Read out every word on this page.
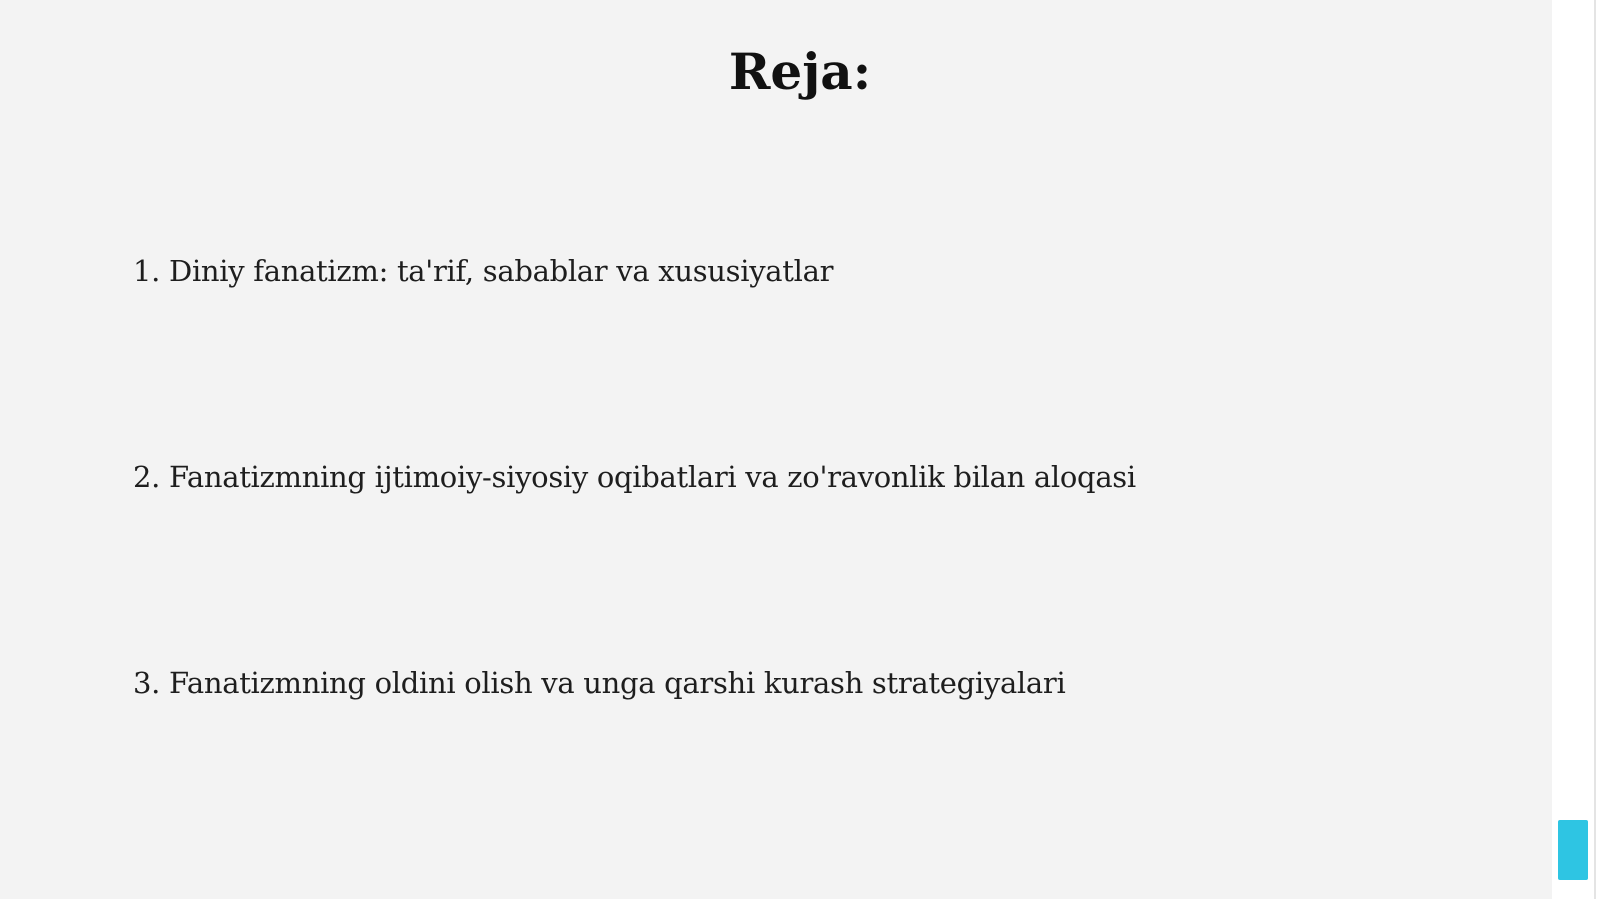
Reja:

1. Diniy fanatizm: ta'rif, sabablar va xususiyatlar

2. Fanatizmning ijtimoiy-siyosiy oqibatlari va zo'ravonlik bilan aloqasi

3. Fanatizmning oldini olish va unga qarshi kurash strategiyalari
